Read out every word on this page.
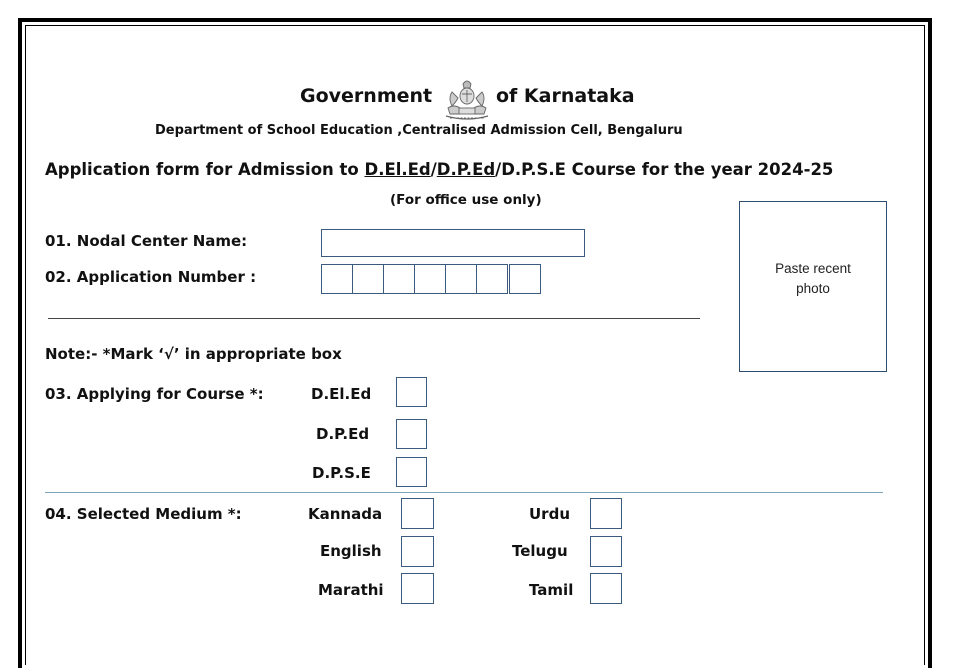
Government	of Karnataka
Department of School Education ,Centralised Admission Cell, Bengaluru
Application form for Admission to D.El.Ed/D.P.Ed/D.P.S.E Course for the year 2024-25
(For office use only)
Paste recent photo
01. Nodal Center Name:
02. Application Number :
Note:- *Mark ‘√’ in appropriate box
03. Applying for Course *:	D.El.Ed
D.P.Ed
D.P.S.E
04. Selected Medium *:	Kannada	Urdu
English	Telugu
Marathi	Tamil
